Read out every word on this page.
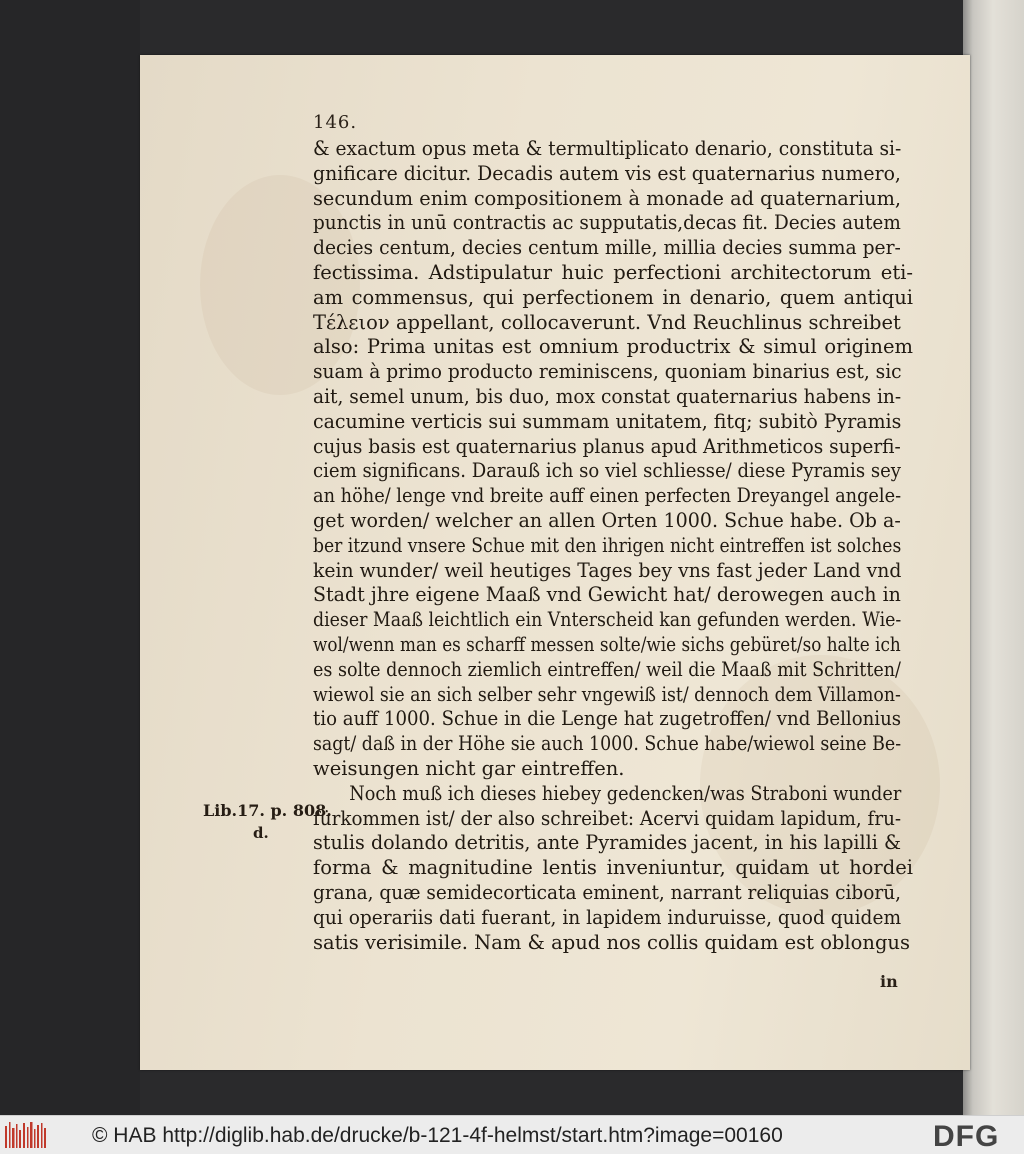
146.
& exactum opus meta & termultiplicato denario, constituta si-
gnificare dicitur. Decadis autem vis est quaternarius numero,
secundum enim compositionem à monade ad quaternarium,
punctis in unū contractis ac supputatis,decas fit. Decies autem
decies centum, decies centum mille, millia decies summa per-
fectissima. Adstipulatur huic perfectioni architectorum eti-
am commensus, qui perfectionem in denario, quem antiqui
Τέλειον appellant, collocaverunt. Vnd Reuchlinus schreibet
also: Prima unitas est omnium productrix & simul originem
suam à primo producto reminiscens, quoniam binarius est, sic
ait, semel unum, bis duo, mox constat quaternarius habens in-
cacumine verticis sui summam unitatem, fitq; subitò Pyramis
cujus basis est quaternarius planus apud Arithmeticos superfi-
ciem significans. Darauß ich so viel schliesse/ diese Pyramis sey
an höhe/ lenge vnd breite auff einen perfecten Dreyangel angele-
get worden/ welcher an allen Orten 1000. Schue habe. Ob a-
ber itzund vnsere Schue mit den ihrigen nicht eintreffen ist solches
kein wunder/ weil heutiges Tages bey vns fast jeder Land vnd
Stadt jhre eigene Maaß vnd Gewicht hat/ derowegen auch in
dieser Maaß leichtlich ein Vnterscheid kan gefunden werden. Wie-
wol/wenn man es scharff messen solte/wie sichs gebüret/so halte ich
es solte dennoch ziemlich eintreffen/ weil die Maaß mit Schritten/
wiewol sie an sich selber sehr vngewiß ist/ dennoch dem Villamon-
tio auff 1000. Schue in die Lenge hat zugetroffen/ vnd Bellonius
sagt/ daß in der Höhe sie auch 1000. Schue habe/wiewol seine Be-
weisungen nicht gar eintreffen.
Noch muß ich dieses hiebey gedencken/was Straboni wunder
fürkommen ist/ der also schreibet: Acervi quidam lapidum, fru-
stulis dolando detritis, ante Pyramides jacent, in his lapilli &
forma & magnitudine lentis inveniuntur, quidam ut hordei
grana, quæ semidecorticata eminent, narrant reliquias ciborū,
qui operariis dati fuerant, in lapidem induruisse, quod quidem
satis verisimile. Nam & apud nos collis quidam est oblongus
Lib.17. p. 808.
d.
in
© HAB http://diglib.hab.de/drucke/b-121-4f-helmst/start.htm?image=00160	DFG
